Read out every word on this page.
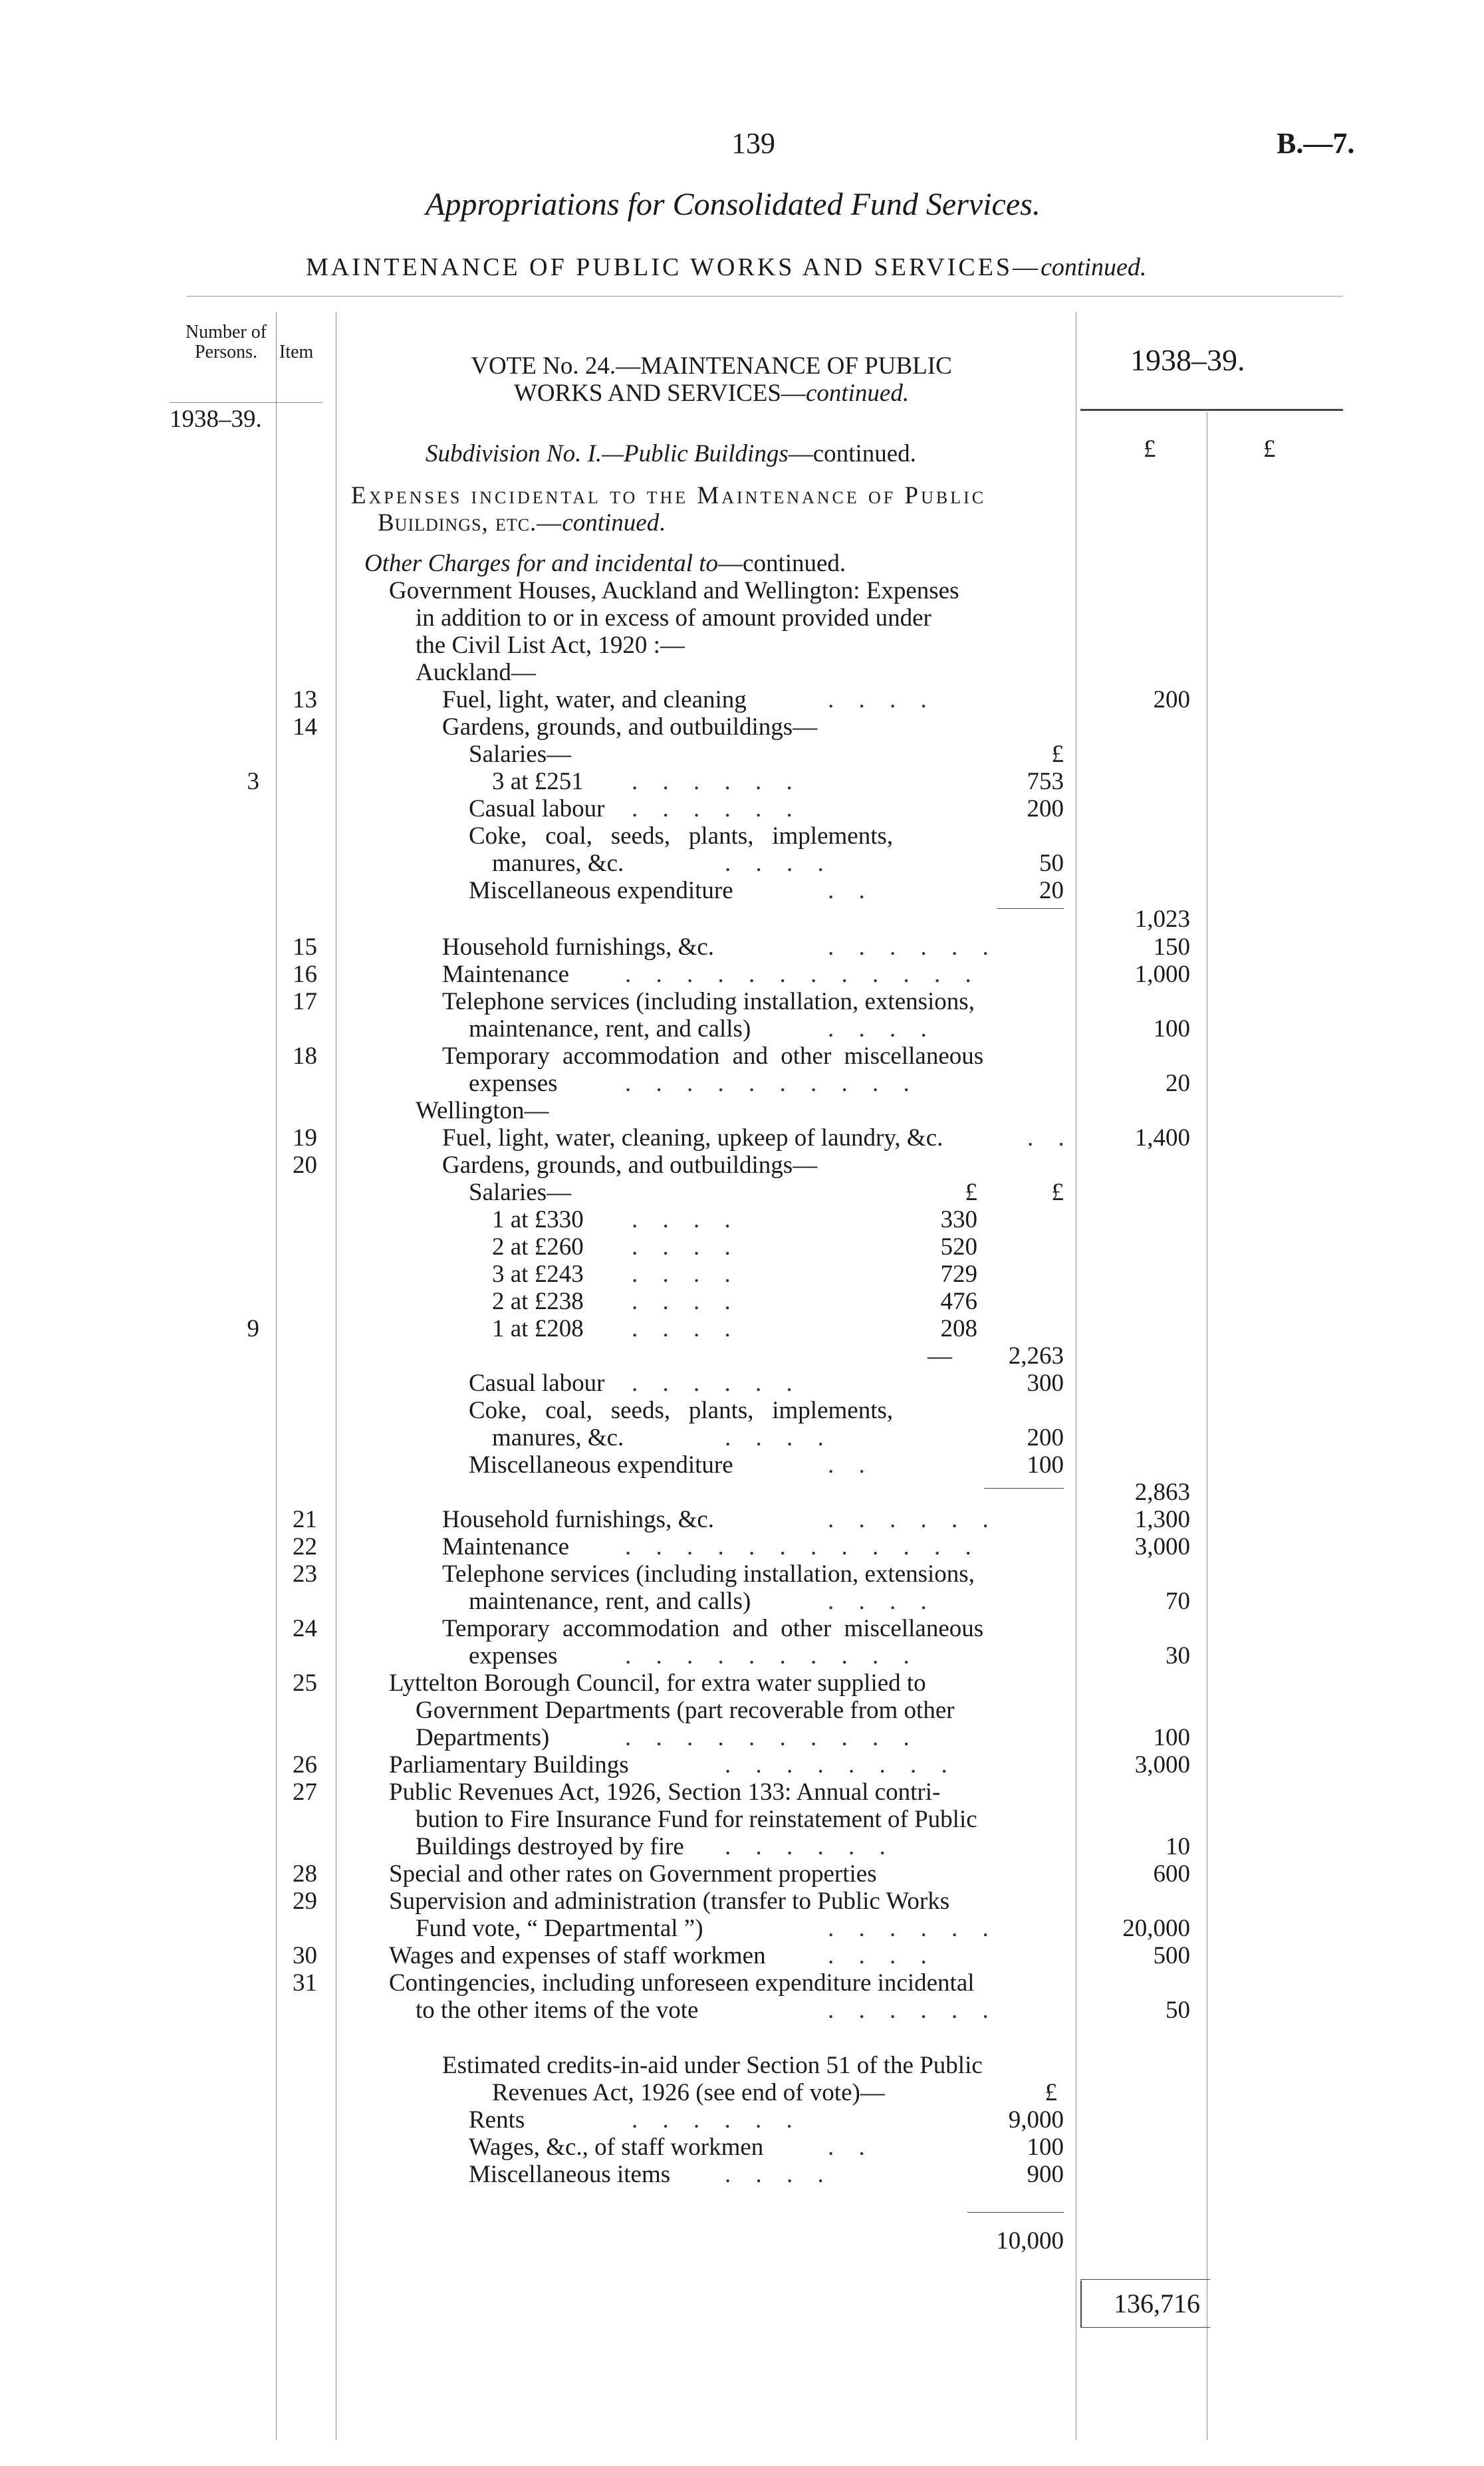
139	B.—7.
Appropriations for Consolidated Fund Services.
MAINTENANCE OF PUBLIC WORKS AND SERVICES—continued.
Number of Persons.
1938–39.
Item
VOTE No. 24.—MAINTENANCE OF PUBLIC
WORKS AND SERVICES—continued.
1938–39.
£	£
Subdivision No. I.—Public Buildings—continued.
Expenses incidental to the Maintenance of Public
Buildings, etc.—continued.
Other Charges for and incidental to—continued.
Government Houses, Auckland and Wellington: Expenses
in addition to or in excess of amount provided under
the Civil List Act, 1920 :—
Auckland—
13	Fuel, light, water, and cleaning	. . . .	200
14	Gardens, grounds, and outbuildings—
Salaries—	£
3	3 at £251 . . . . . .	753
Casual labour . . . . . .	200
Coke,   coal,   seeds,   plants,   implements,
manures, &c.	. . . .	50
Miscellaneous expenditure	. .	20
1,023
15	Household furnishings, &c.	. . . . . .	150
16	Maintenance . . . . . . . . . . . .	1,000
17	Telephone services (including installation, extensions,
maintenance, rent, and calls)	. . . .	100
18	Temporary accommodation and other miscellaneous
expenses	. . . . . . . . . .	20
Wellington—
19	Fuel, light, water, cleaning, upkeep of laundry, &c.	. .	1,400
20	Gardens, grounds, and outbuildings—
Salaries—	£	£
1 at £330 . . . .	330
2 at £260 . . . .	520
3 at £243 . . . .	729
2 at £238 . . . .	476
9	1 at £208 . . . .	208
—	2,263
Casual labour . . . . . .	300
Coke,   coal,   seeds,   plants,   implements,
manures, &c.	. . . .	200
Miscellaneous expenditure	. .	100
2,863
21	Household furnishings, &c.	. . . . . .	1,300
22	Maintenance . . . . . . . . . . . .	3,000
23	Telephone services (including installation, extensions,
maintenance, rent, and calls)	. . . .	70
24	Temporary accommodation and other miscellaneous
expenses	. . . . . . . . . .	30
25	Lyttelton Borough Council, for extra water supplied to
Government Departments (part recoverable from other
Departments)	. . . . . . . . . .	100
26	Parliamentary Buildings	. . . . . . . .	3,000
27	Public Revenues Act, 1926, Section 133: Annual contri-
bution to Fire Insurance Fund for reinstatement of Public
Buildings destroyed by fire . . . . . .	10
28	Special and other rates on Government properties	600
29	Supervision and administration (transfer to Public Works
Fund vote, “ Departmental ”)	. . . . . .	20,000
30	Wages and expenses of staff workmen	. . . .	500
31	Contingencies, including unforeseen expenditure incidental
to the other items of the vote	. . . . . .	50
Estimated credits-in-aid under Section 51 of the Public
Revenues Act, 1926 (see end of vote)—	£
Rents	. . . . . .	9,000
Wages, &c., of staff workmen	. .	100
Miscellaneous items . . . .	900
10,000
136,716
